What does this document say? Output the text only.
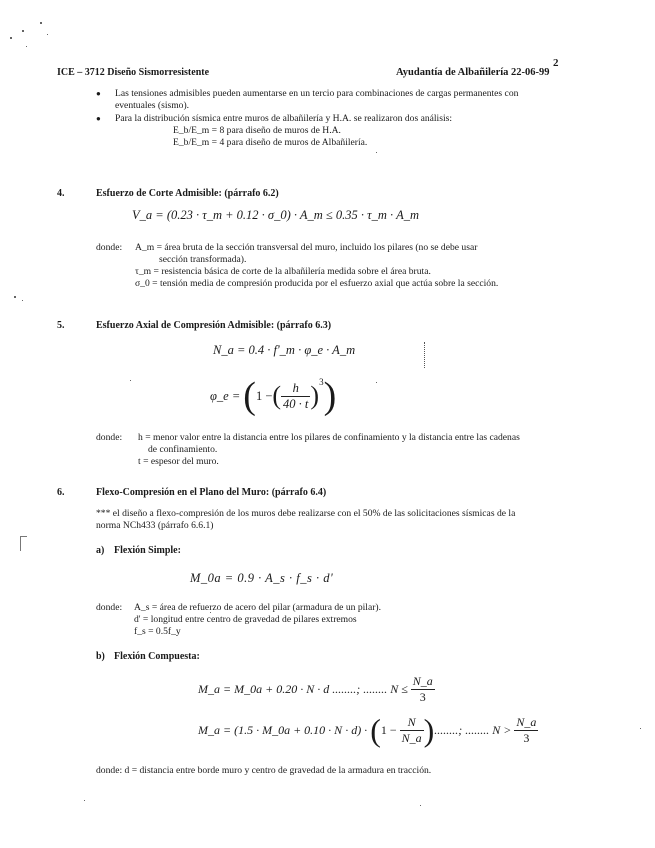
2
ICE – 3712 Diseño Sismorresistente	Ayudantía de Albañilería 22-06-99
● Las tensiones admisibles pueden aumentarse en un tercio para combinaciones de cargas permanentes con
eventuales (sismo).
● Para la distribución sísmica entre muros de albañilería y H.A. se realizaron dos análisis:
E_b/E_m = 8 para diseño de muros de H.A.
E_b/E_m = 4 para diseño de muros de Albañilería.
4.	Esfuerzo de Corte Admisible: (párrafo 6.2)
V_a = (0.23 · τ_m + 0.12 · σ_0) · A_m ≤ 0.35 · τ_m · A_m
donde: A_m = área bruta de la sección transversal del muro, incluido los pilares (no se debe usar
sección transformada).
τ_m = resistencia básica de corte de la albañilería medida sobre el área bruta.
σ_0 = tensión media de compresión producida por el esfuerzo axial que actúa sobre la sección.
5.	Esfuerzo Axial de Compresión Admisible: (párrafo 6.3)
N_a = 0.4 · f'_m · φ_e · A_m
φ_e = ( 1 − ( $\frac{h}{40 \cdot t} )^3$ )
donde: h = menor valor entre la distancia entre los pilares de confinamiento y la distancia entre las cadenas
de confinamiento.
t = espesor del muro.
6.	Flexo-Compresión en el Plano del Muro: (párrafo 6.4)
*** el diseño a flexo-compresión de los muros debe realizarse con el 50% de las solicitaciones sísmicas de la
norma NCh433 (párrafo 6.6.1)
a) Flexión Simple:
M_0a = 0.9 · A_s · f_s · d'
donde: A_s = área de refuerzo de acero del pilar (armadura de un pilar).
d' = longitud entre centro de gravedad de pilares extremos
f_s = 0.5f_y
b) Flexión Compuesta:
M_a = M_0a + 0.20 · N · d ........; ........ $N \le \frac{N\_a}{3}$
M_a = (1.5 · M_0a + 0.10 · N · d) · ( $1 - \frac{N}{N\_a}$ ) ........; ........ $N > \frac{N\_a}{3}$
donde: d = distancia entre borde muro y centro de gravedad de la armadura en tracción.
